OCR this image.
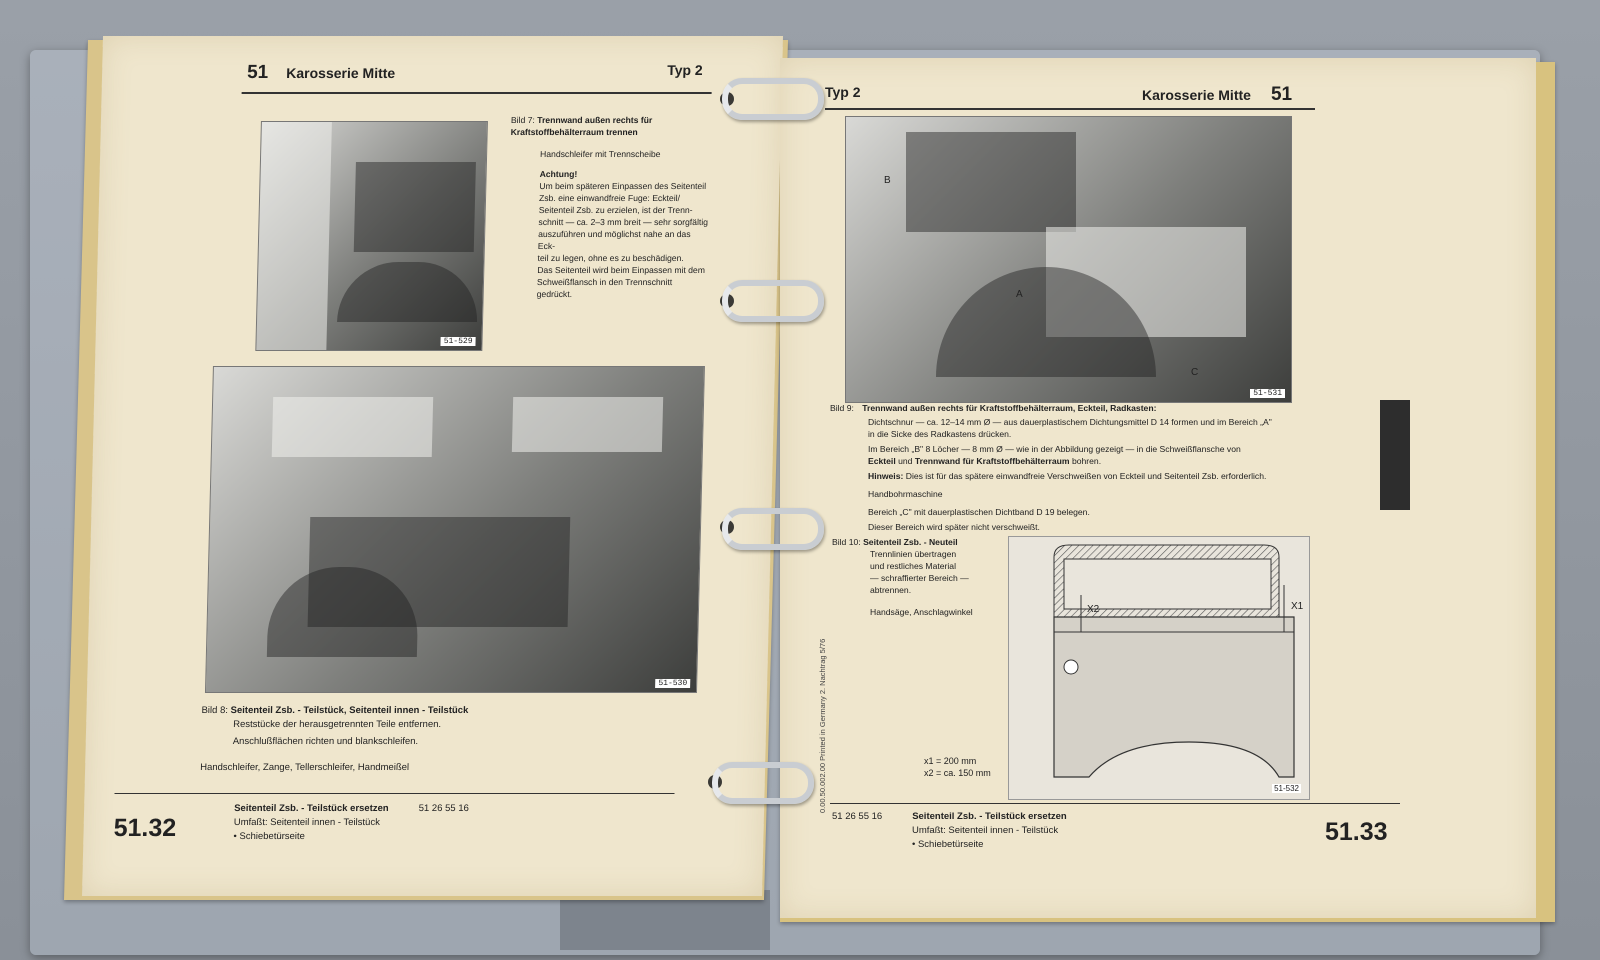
51 Karosserie Mitte	Typ 2
51-529
Bild 7: Trennwand außen rechts für Kraftstoffbehälterraum trennen
Handschleifer mit Trennscheibe
Achtung!
Um beim späteren Einpassen des Seitenteil
Zsb. eine einwandfreie Fuge: Eckteil/
Seitenteil Zsb. zu erzielen, ist der Trenn-
schnitt — ca. 2–3 mm breit — sehr sorgfältig
auszuführen und möglichst nahe an das Eck-
teil zu legen, ohne es zu beschädigen.
Das Seitenteil wird beim Einpassen mit dem
Schweißflansch in den Trennschnitt gedrückt.
51-530
Bild 8: Seitenteil Zsb. - Teilstück, Seitenteil innen - Teilstück
Reststücke der herausgetrennten Teile entfernen.
Anschlußflächen richten und blankschleifen.
Handschleifer, Zange, Tellerschleifer, Handmeißel
51.32
Seitenteil Zsb. - Teilstück ersetzen	51 26 55 16
Umfaßt: Seitenteil innen - Teilstück
• Schiebetürseite
Typ 2	Karosserie Mitte 51
B
A
C
51-531
Bild 9: Trennwand außen rechts für Kraftstoffbehälterraum, Eckteil, Radkasten:
Dichtschnur — ca. 12–14 mm Ø — aus dauerplastischem Dichtungsmittel D 14 formen und im Bereich „A"
in die Sicke des Radkastens drücken.
Im Bereich „B" 8 Löcher — 8 mm Ø — wie in der Abbildung gezeigt — in die Schweißflansche von
Eckteil und Trennwand für Kraftstoffbehälterraum bohren.
Hinweis: Dies ist für das spätere einwandfreie Verschweißen von Eckteil und Seitenteil Zsb. erforderlich.
Handbohrmaschine
Bereich „C" mit dauerplastischen Dichtband D 19 belegen.
Dieser Bereich wird später nicht verschweißt.
Bild 10: Seitenteil Zsb. - Neuteil
Trennlinien übertragen
und restliches Material
— schraffierter Bereich —
abtrennen.
Handsäge, Anschlagwinkel	X2	X1
x1 = 200 mm
x2 = ca. 150 mm
51-532
0.00.50.002.00 Printed in Germany 2. Nachtrag 5/76
51 26 55 16	Seitenteil Zsb. - Teilstück ersetzen
Umfaßt: Seitenteil innen - Teilstück
• Schiebetürseite	51.33
